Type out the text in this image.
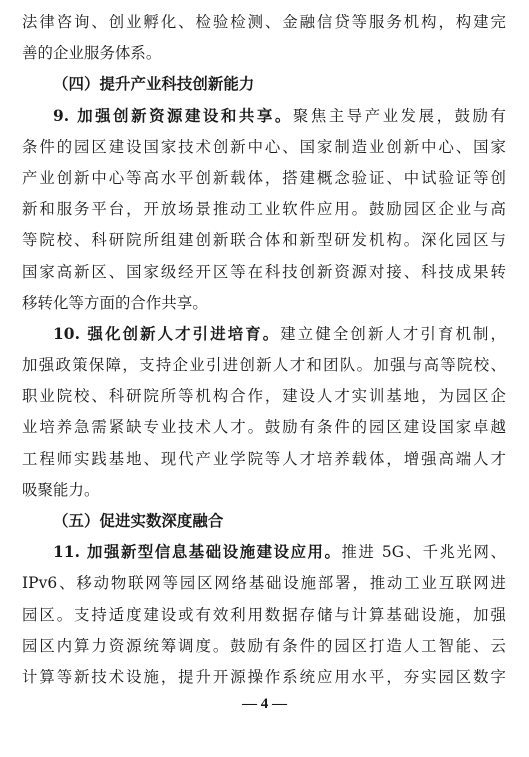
法律咨询、创业孵化、检验检测、金融信贷等服务机构，构建完
善的企业服务体系。
（四）提升产业科技创新能力
9. 加强创新资源建设和共享。聚焦主导产业发展，鼓励有
条件的园区建设国家技术创新中心、国家制造业创新中心、国家
产业创新中心等高水平创新载体，搭建概念验证、中试验证等创
新和服务平台，开放场景推动工业软件应用。鼓励园区企业与高
等院校、科研院所组建创新联合体和新型研发机构。深化园区与
国家高新区、国家级经开区等在科技创新资源对接、科技成果转
移转化等方面的合作共享。
10. 强化创新人才引进培育。建立健全创新人才引育机制，
加强政策保障，支持企业引进创新人才和团队。加强与高等院校、
职业院校、科研院所等机构合作，建设人才实训基地，为园区企
业培养急需紧缺专业技术人才。鼓励有条件的园区建设国家卓越
工程师实践基地、现代产业学院等人才培养载体，增强高端人才
吸聚能力。
（五）促进实数深度融合
11. 加强新型信息基础设施建设应用。推进 5G、千兆光网、
IPv6、移动物联网等园区网络基础设施部署，推动工业互联网进
园区。支持适度建设或有效利用数据存储与计算基础设施，加强
园区内算力资源统筹调度。鼓励有条件的园区打造人工智能、云
计算等新技术设施，提升开源操作系统应用水平，夯实园区数字
— 4 —
